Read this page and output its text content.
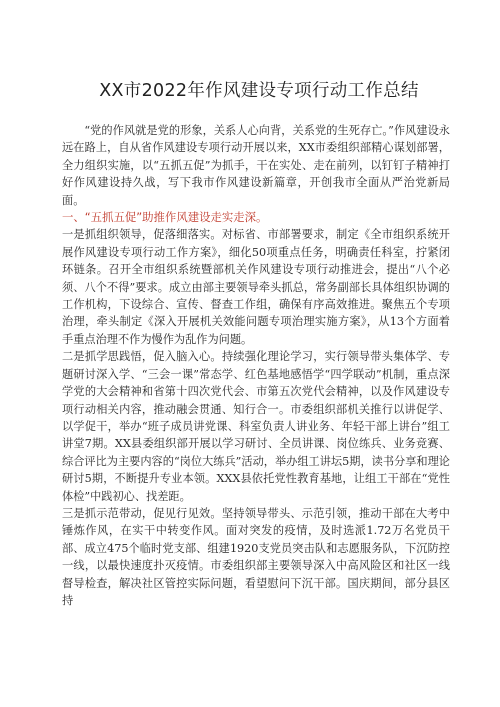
XX市2022年作风建设专项行动工作总结

“党的作风就是党的形象，关系人心向背，关系党的生死存亡。”作风建设永远在路上，自从省作风建设专项行动开展以来，XX市委组织部精心谋划部署，全力组织实施，以“五抓五促”为抓手，干在实处、走在前列，以钉钉子精神打好作风建设持久战，写下我市作风建设新篇章，开创我市全面从严治党新局面。

一、“五抓五促”助推作风建设走实走深。

一是抓组织领导，促落细落实。对标省、市部署要求，制定《全市组织系统开展作风建设专项行动工作方案》，细化50项重点任务，明确责任科室，拧紧闭环链条。召开全市组织系统暨部机关作风建设专项行动推进会，提出“八个必须、八个不得”要求。成立由部主要领导牵头抓总，常务副部长具体组织协调的工作机构，下设综合、宣传、督查工作组，确保有序高效推进。聚焦五个专项治理，牵头制定《深入开展机关效能问题专项治理实施方案》，从13个方面着手重点治理不作为慢作为乱作为问题。

二是抓学思践悟，促入脑入心。持续强化理论学习，实行领导带头集体学、专题研讨深入学、“三会一课”常态学、红色基地感悟学“四学联动”机制，重点深学党的大会精神和省第十四次党代会、市第五次党代会精神，以及作风建设专项行动相关内容，推动融会贯通、知行合一。市委组织部机关推行以讲促学、以学促干，举办“班子成员讲党课、科室负责人讲业务、年轻干部上讲台”组工讲堂7期。XX县委组织部开展以学习研讨、全员讲课、岗位练兵、业务竞赛、综合评比为主要内容的“岗位大练兵”活动，举办组工讲坛5期，读书分享和理论研讨5期，不断提升专业本领。XXX县依托党性教育基地，让组工干部在“党性体检”中践初心、找差距。

三是抓示范带动，促见行见效。坚持领导带头、示范引领，推动干部在大考中锤炼作风，在实干中转变作风。面对突发的疫情，及时选派1.72万名党员干部、成立475个临时党支部、组建1920支党员突击队和志愿服务队，下沉防控一线，以最快速度扑灭疫情。市委组织部主要领导深入中高风险区和社区一线督导检查，解决社区管控实际问题，看望慰问下沉干部。国庆期间，部分县区持
